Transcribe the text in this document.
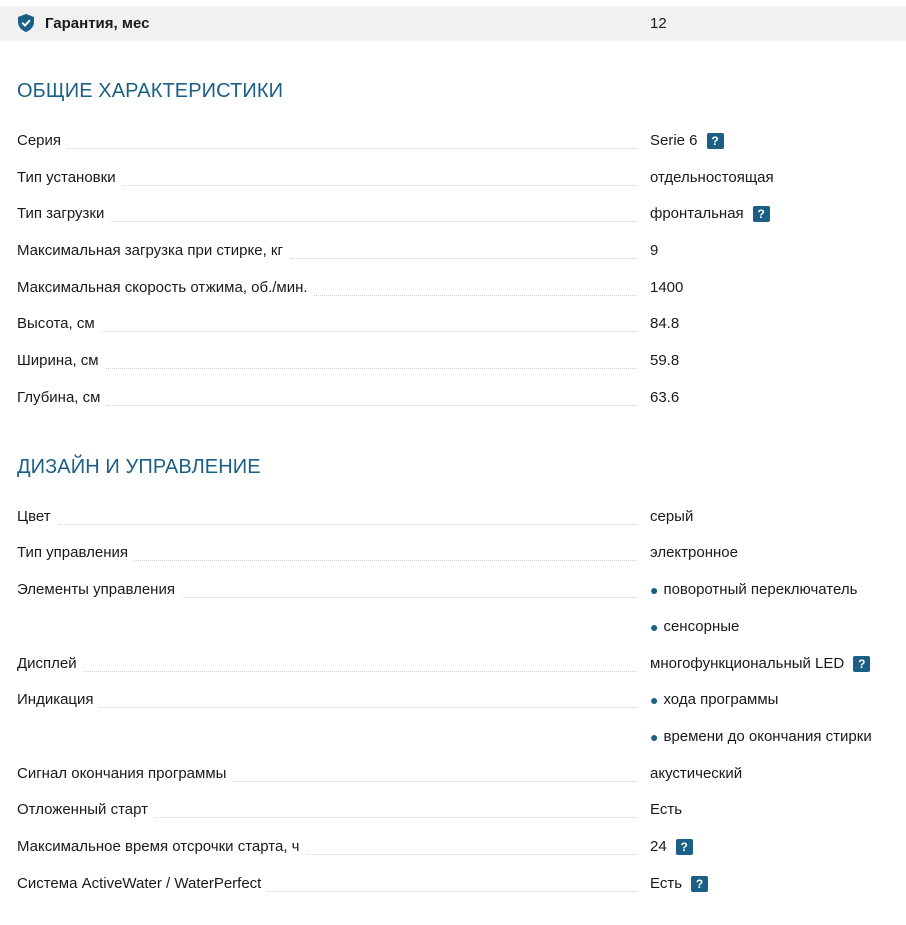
Гарантия, мес	12
ОБЩИЕ ХАРАКТЕРИСТИКИ
Серия	Serie 6	?
Тип установки	отдельностоящая
Тип загрузки	фронтальная	?
Максимальная загрузка при стирке, кг	9
Максимальная скорость отжима, об./мин.	1400
Высота, см	84.8
Ширина, см	59.8
Глубина, см	63.6
ДИЗАЙН И УПРАВЛЕНИЕ
Цвет	серый
Тип управления	электронное
Элементы управления	● поворотный переключатель
● сенсорные
Дисплей	многофункциональный LED	?
Индикация	● хода программы
● времени до окончания стирки
Сигнал окончания программы	акустический
Отложенный старт	Есть
Максимальное время отсрочки старта, ч	24	?
Система ActiveWater / WaterPerfect	Есть	?
